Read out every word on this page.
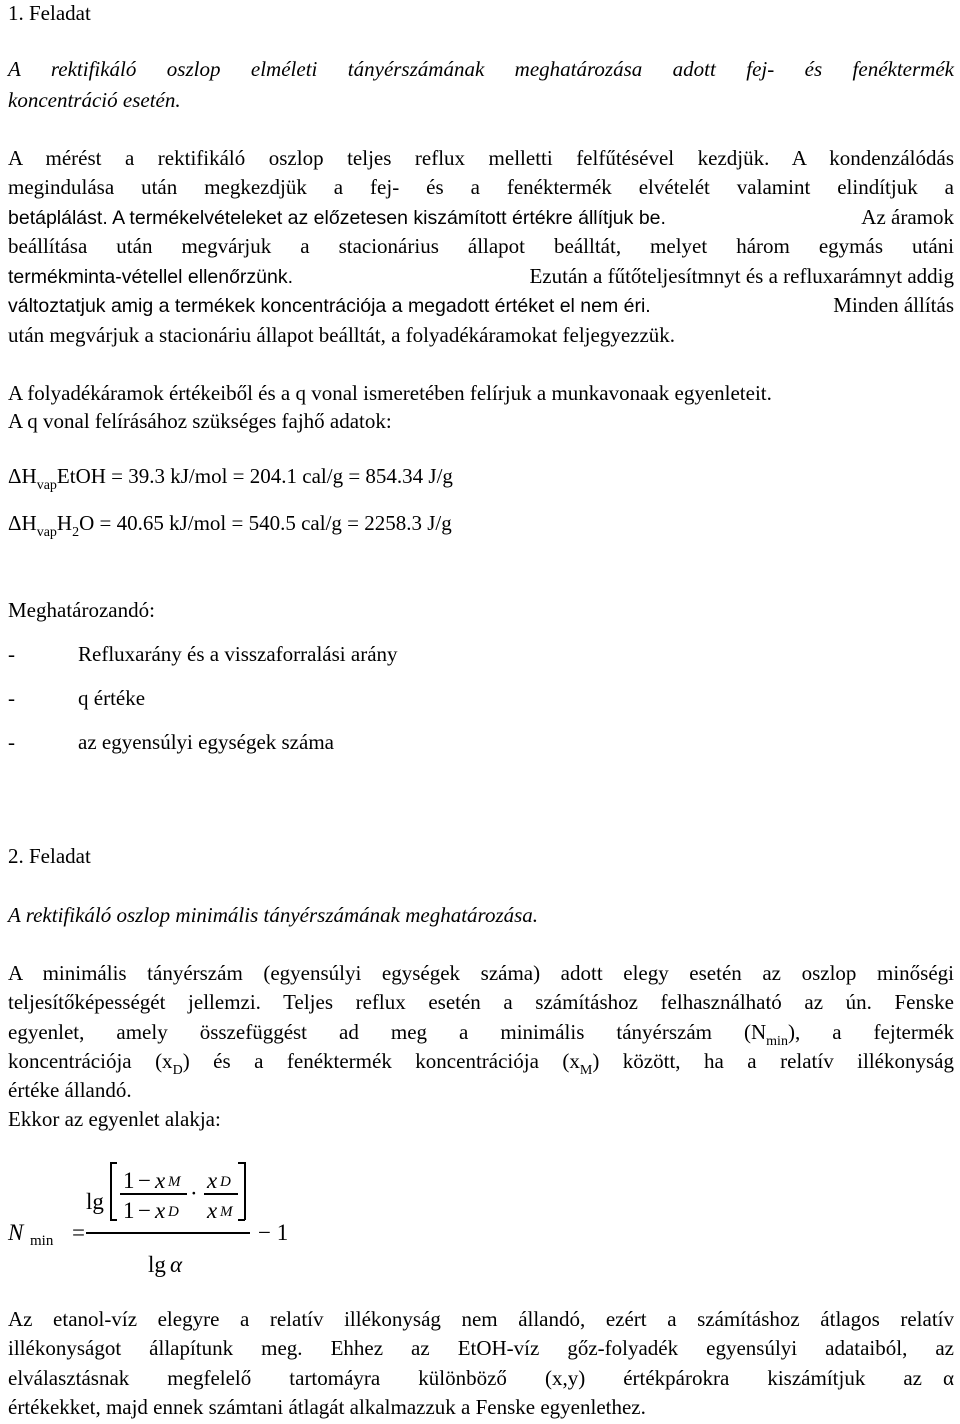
1. Feladat
A rektifikáló oszlop elméleti tányérszámának meghatározása adott fej- és fenéktermék
koncentráció esetén.
A mérést a rektifikáló oszlop teljes reflux melletti felfűtésével kezdjük. A kondenzálódás
megindulása után megkezdjük a fej- és a fenéktermék elvételét valamint elindítjuk a
betáplálást. A termékelvételeket az előzetesen kiszámított értékre állítjuk be.	Az áramok
beállítása után megvárjuk a stacionárius állapot beálltát, melyet három egymás utáni
termékminta-vétellel ellenőrzünk.	Ezután a fűtőteljesítmnyt és a refluxarámnyt addig
változtatjuk amig a termékek koncentrációja a megadott értéket el nem éri.	Minden állítás
után megvárjuk a stacionáriu állapot beálltát, a folyadékáramokat feljegyezzük.
A folyadékáramok értékeiből és a q vonal ismeretében felírjuk a munkavonaak egyenleteit.
A q vonal felírásához szükséges fajhő adatok:
$\Delta H_{vap}EtOH = 39.3$ kJ/mol = 204.1 cal/g = 854.34 J/g
$\Delta H_{vap}H_2O = 40.65$ kJ/mol = 540.5 cal/g = 2258.3 J/g
Meghatározandó:
-	Refluxarány és a visszaforralási arány
-	q értéke
-	az egyensúlyi egységek száma
2. Feladat
A rektifikáló oszlop minimális tányérszámának meghatározása.
A minimális tányérszám (egyensúlyi egységek száma) adott elegy esetén az oszlop minőségi
teljesítőképességét jellemzi. Teljes reflux esetén a számításhoz felhasználható az ún. Fenske
egyenlet, amely összefüggést ad meg a minimális tányérszám $(N_{min})$, a fejtermék
koncentrációja $(x_D)$ és a fenéktermék koncentrációja $(x_M)$ között, ha a relatív illékonyság
értéke állandó.
Ekkor az egyenlet alakja:
N min =
lg
1 − x M
1 − x D
·
x D
x M
lg α
− 1
Az etanol-víz elegyre a relatív illékonyság nem állandó, ezért a számításhoz átlagos relatív
illékonyságot állapítunk meg. Ehhez az EtOH-víz gőz-folyadék egyensúlyi adataiból, az
elválasztásnak megfelelő tartomáyra különböző (x,y) értékpárokra kiszámítjuk az α
értékekket, majd ennek számtani átlagát alkalmazzuk a Fenske egyenlethez.
